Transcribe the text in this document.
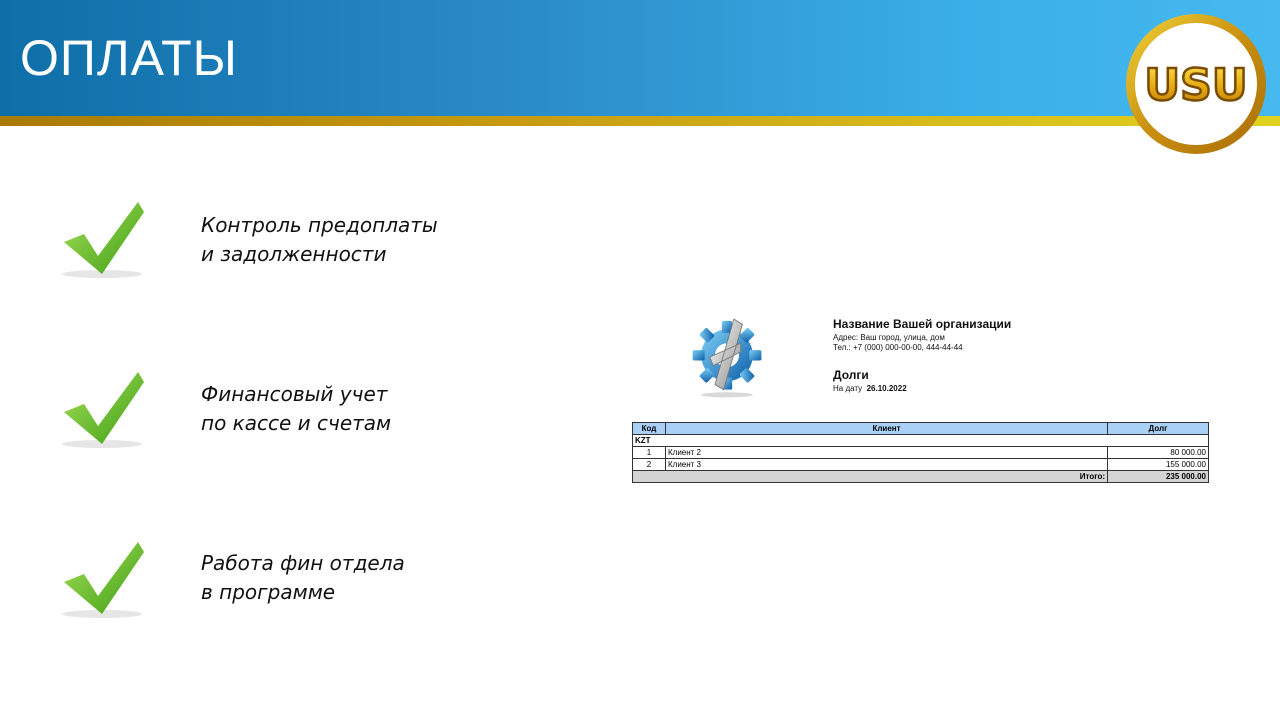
ОПЛАТЫ	USU
Контроль предоплаты
и задолженности
Финансовый учет
по кассе и счетам
Работа фин отдела
в программе
Название Вашей организации
Адрес: Ваш город, улица, дом
Тел.: +7 (000) 000-00-00, 444-44-44
Долги
На дату 26.10.2022
Код	Клиент	Долг
KZT		
1	Клиент 2	80 000.00
2	Клиент 3	155 000.00
Итого:		235 000.00
